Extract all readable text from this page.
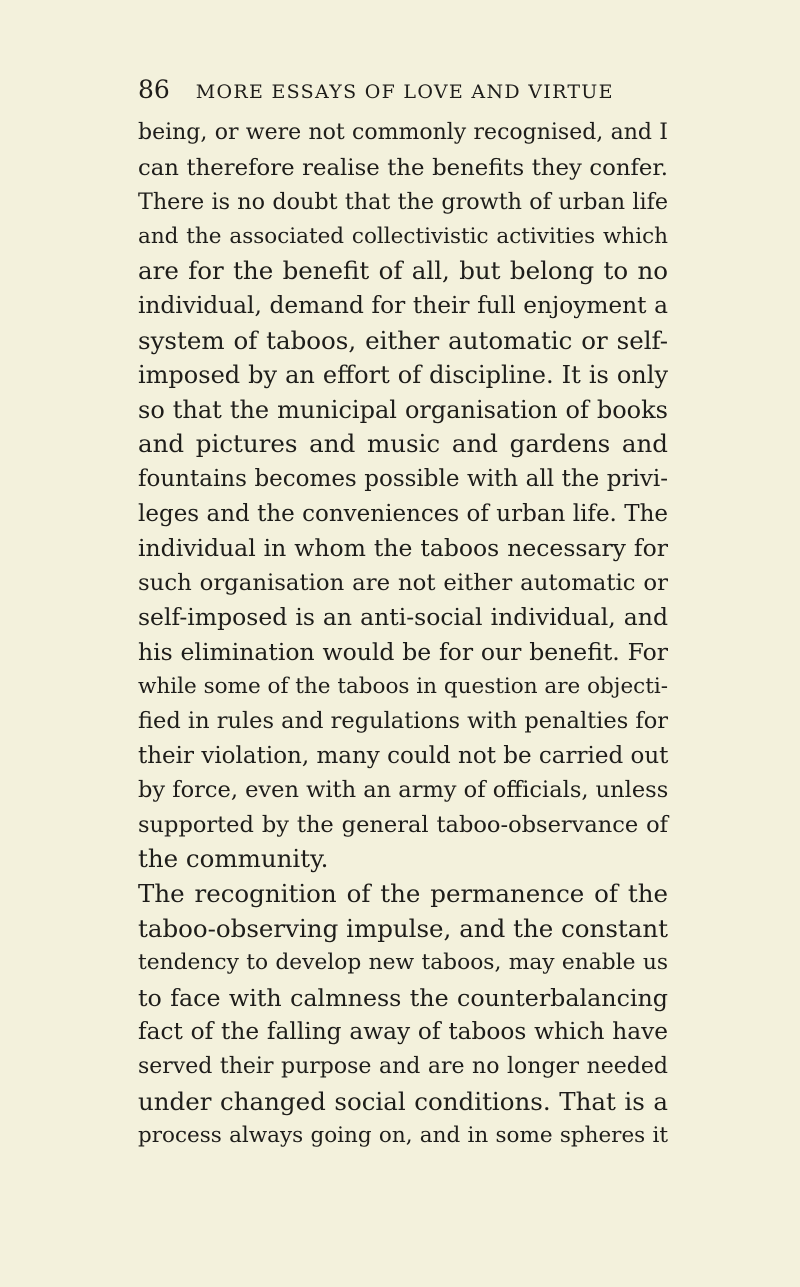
86 MORE ESSAYS OF LOVE AND VIRTUE
being, or were not commonly recognised, and I
can therefore realise the benefits they confer.
There is no doubt that the growth of urban life
and the associated collectivistic activities which
are for the benefit of all, but belong to no
individual, demand for their full enjoyment a
system of taboos, either automatic or self-
imposed by an effort of discipline. It is only
so that the municipal organisation of books
and pictures and music and gardens and
fountains becomes possible with all the privi-
leges and the conveniences of urban life. The
individual in whom the taboos necessary for
such organisation are not either automatic or
self-imposed is an anti-social individual, and
his elimination would be for our benefit. For
while some of the taboos in question are objecti-
fied in rules and regulations with penalties for
their violation, many could not be carried out
by force, even with an army of officials, unless
supported by the general taboo-observance of
the community.
The recognition of the permanence of the
taboo-observing impulse, and the constant
tendency to develop new taboos, may enable us
to face with calmness the counterbalancing
fact of the falling away of taboos which have
served their purpose and are no longer needed
under changed social conditions. That is a
process always going on, and in some spheres it
